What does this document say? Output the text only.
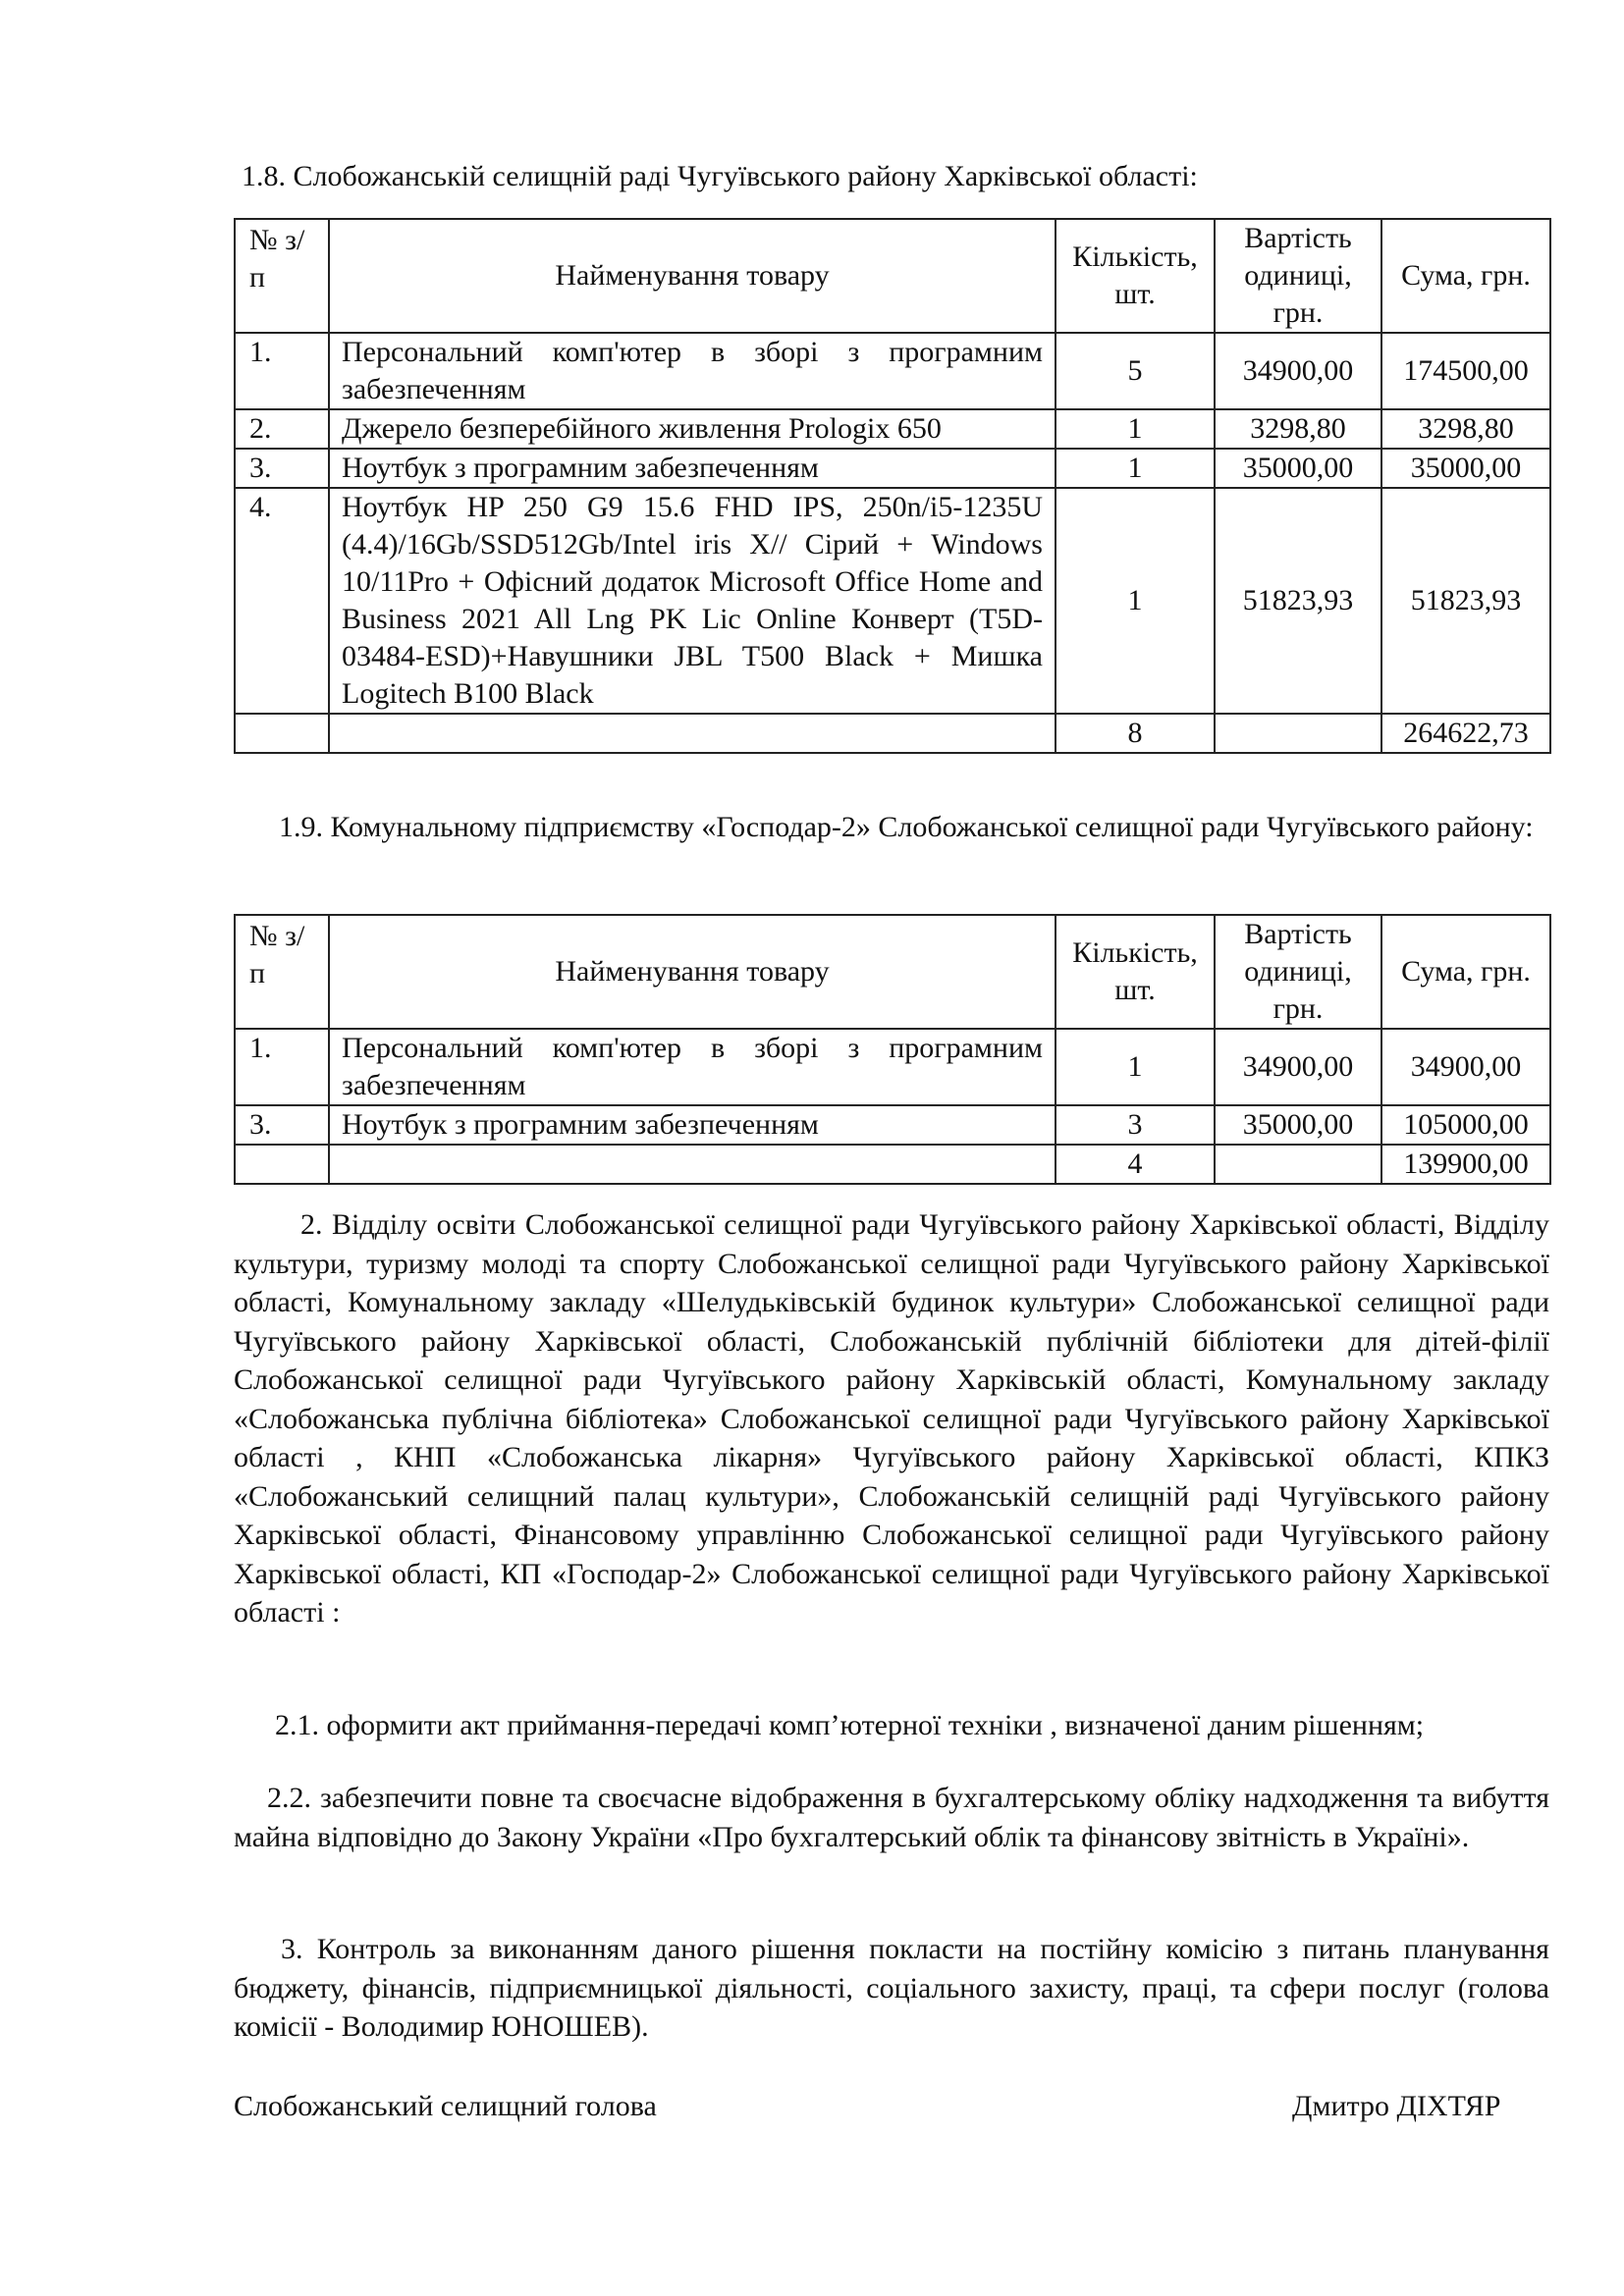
1.8. Слобожанській селищній раді Чугуївського району Харківської області:
№ з/п	Найменування товару	Кількість, шт.	Вартість одиниці, грн.	Сума, грн.
1.	Персональний комп'ютер в зборі з програмним забезпеченням	5	34900,00	174500,00
2.	Джерело безперебійного живлення Prologix 650	1	3298,80	3298,80
3.	Ноутбук з програмним забезпеченням	1	35000,00	35000,00
4.	Ноутбук HP 250 G9 15.6 FHD IPS, 250n/i5-1235U (4.4)/16Gb/SSD512Gb/Intel iris X// Сірий + Windows 10/11Pro + Офісний додаток Microsoft Office Home and Business 2021 All Lng PK Lic Online Конверт (T5D-03484-ESD)+Навушники JBL T500 Black + Мишка Logitech B100 Black	1	51823,93	51823,93
		8		264622,73
1.9. Комунальному підприємству «Господар-2» Слобожанської селищної ради Чугуївського району:
№ з/п	Найменування товару	Кількість, шт.	Вартість одиниці, грн.	Сума, грн.
1.	Персональний комп'ютер в зборі з програмним забезпеченням	1	34900,00	34900,00
3.	Ноутбук з програмним забезпеченням	3	35000,00	105000,00
		4		139900,00
2. Відділу освіти Слобожанської селищної ради Чугуївського району Харківської області, Відділу культури, туризму молоді та спорту Слобожанської селищної ради Чугуївського району Харківської області, Комунальному закладу «Шелудьківській будинок культури» Слобожанської селищної ради Чугуївського району Харківської області, Слобожанській публічній бібліотеки для дітей-філії Слобожанської селищної ради Чугуївського району Харківській області, Комунальному закладу «Слобожанська публічна бібліотека» Слобожанської селищної ради Чугуївського району Харківської області , КНП «Слобожанська лікарня» Чугуївського району Харківської області, КПКЗ «Слобожанський селищний палац культури», Слобожанській селищній раді Чугуївського району Харківської області, Фінансовому управлінню Слобожанської селищної ради Чугуївського району Харківської області, КП «Господар-2» Слобожанської селищної ради Чугуївського району Харківської області :
2.1. оформити акт приймання-передачі комп’ютерної техніки , визначеної даним рішенням;
2.2. забезпечити повне та своєчасне відображення в бухгалтерському обліку надходження та вибуття майна відповідно до Закону України «Про бухгалтерський облік та фінансову звітність в Україні».
3. Контроль за виконанням даного рішення покласти на постійну комісію з питань планування бюджету, фінансів, підприємницької діяльності, соціального захисту, праці, та сфери послуг (голова комісії - Володимир ЮНОШЕВ).
Слобожанський селищний голова	Дмитро ДІХТЯР
